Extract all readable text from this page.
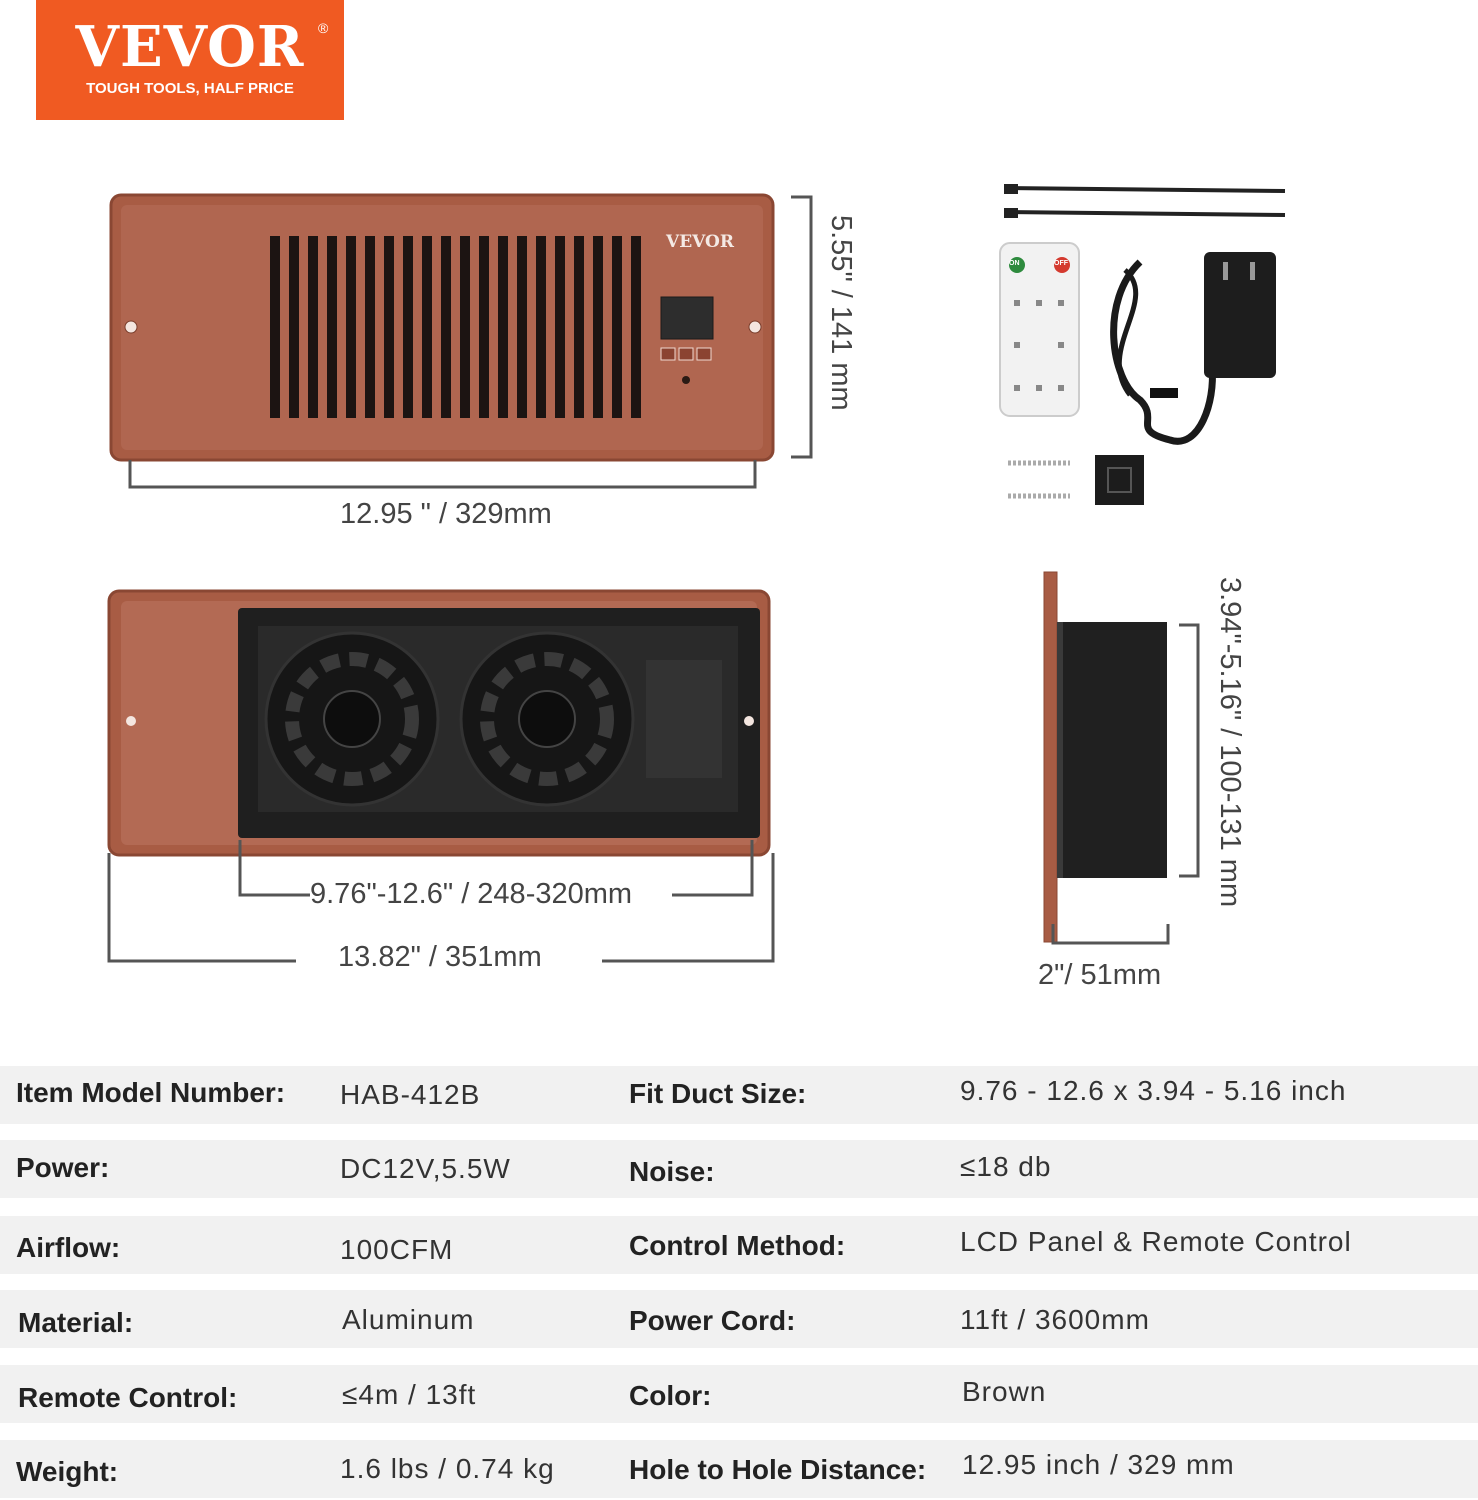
VEVOR ®
TOUGH TOOLS, HALF PRICE
VEVOR
ON	OFF
5.55" / 141 mm
12.95 " / 329mm
9.76"-12.6" / 248-320mm
13.82" / 351mm
3.94"-5.16" / 100-131 mm
2"/ 51mm
Item Model Number: HAB-412B	Fit Duct Size:	9.76 - 12.6 x 3.94 - 5.16 inch
Power:	DC12V,5.5W	Noise:	≤18 db
Airflow:	100CFM	Control Method:	LCD Panel & Remote Control
Material:	Aluminum	Power Cord:	11ft / 3600mm
Remote Control:	≤4m / 13ft	Color:	Brown
Weight:	1.6 lbs / 0.74 kg	Hole to Hole Distance: 12.95 inch / 329 mm
